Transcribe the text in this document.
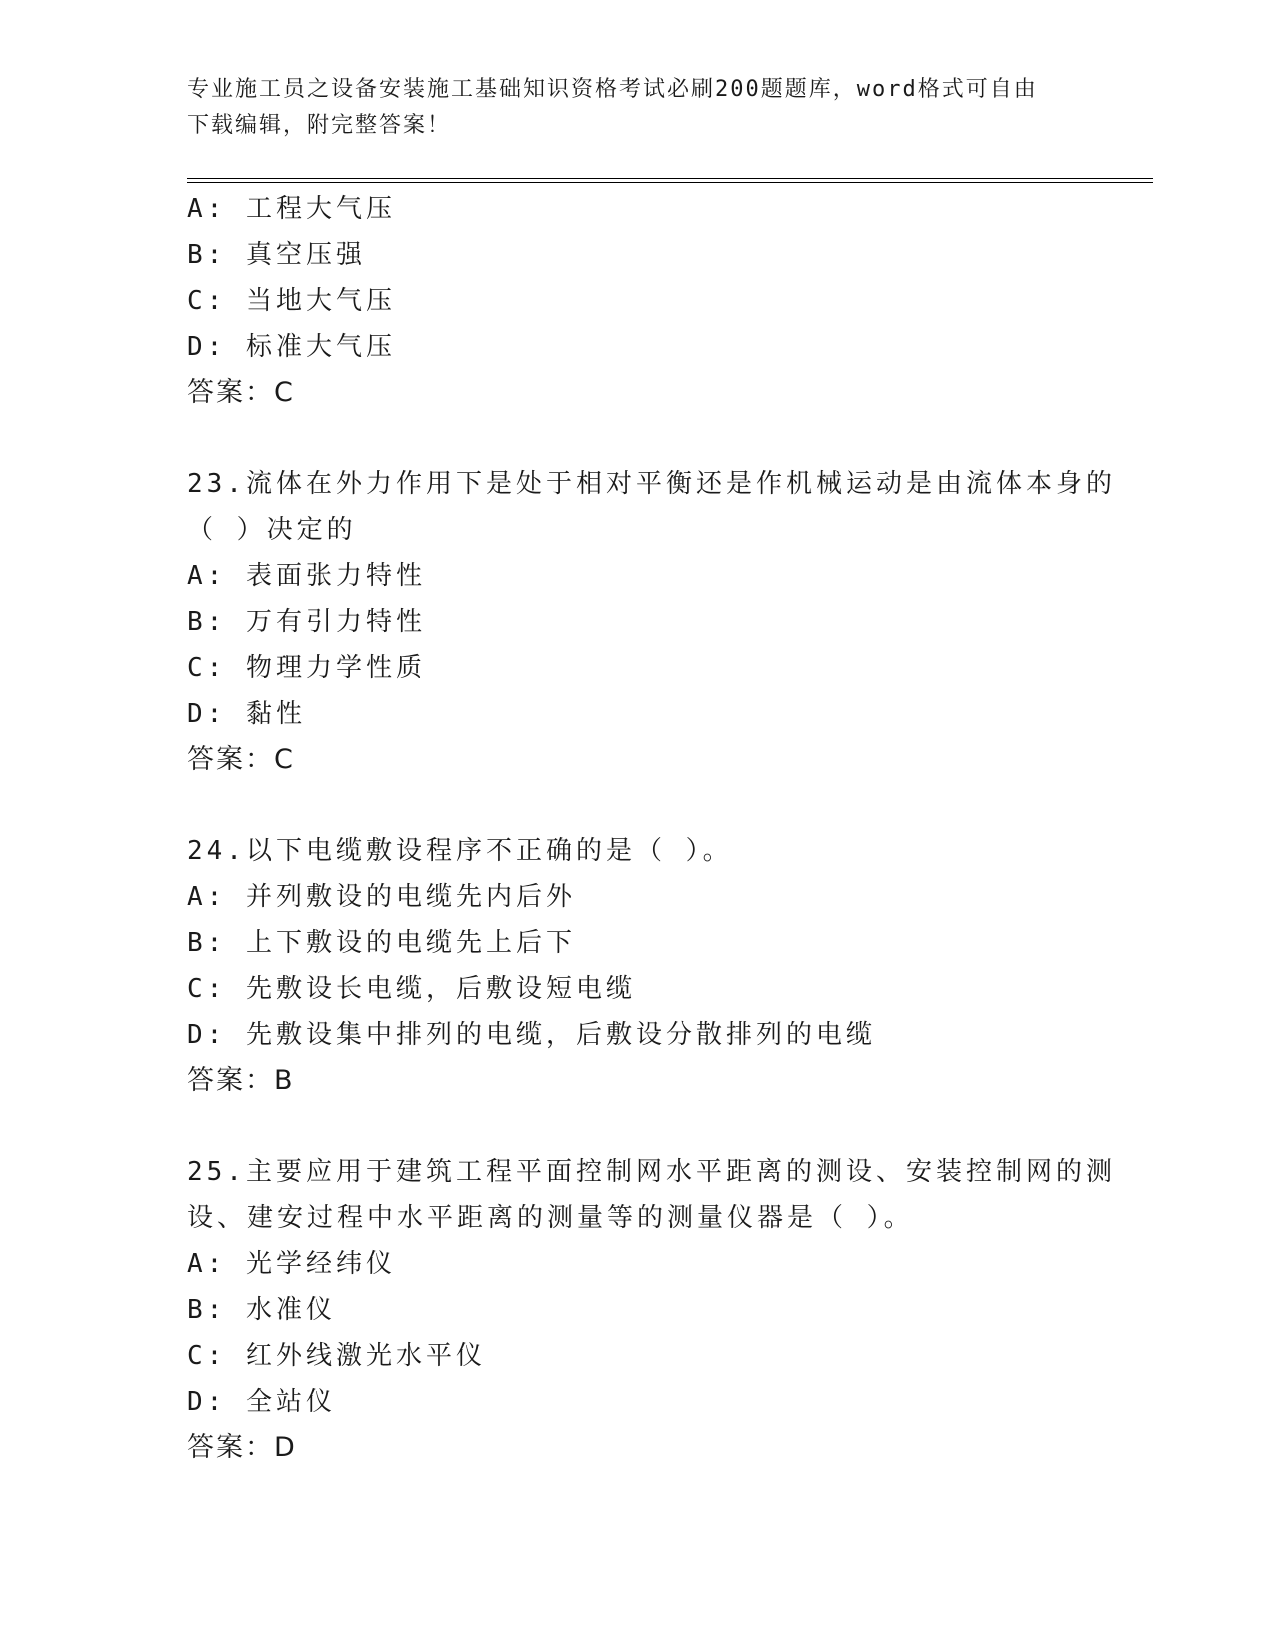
专业施工员之设备安装施工基础知识资格考试必刷200题题库，word格式可自由
下载编辑，附完整答案！
A: 工程大气压
B: 真空压强
C: 当地大气压
D: 标准大气压
答案：C
23.流体在外力作用下是处于相对平衡还是作机械运动是由流体本身的
（ ）决定的
A: 表面张力特性
B: 万有引力特性
C: 物理力学性质
D: 黏性
答案：C
24.以下电缆敷设程序不正确的是（ ）。
A: 并列敷设的电缆先内后外
B: 上下敷设的电缆先上后下
C: 先敷设长电缆，后敷设短电缆
D: 先敷设集中排列的电缆，后敷设分散排列的电缆
答案：B
25.主要应用于建筑工程平面控制网水平距离的测设、安装控制网的测
设、建安过程中水平距离的测量等的测量仪器是（ ）。
A: 光学经纬仪
B: 水准仪
C: 红外线激光水平仪
D: 全站仪
答案：D
